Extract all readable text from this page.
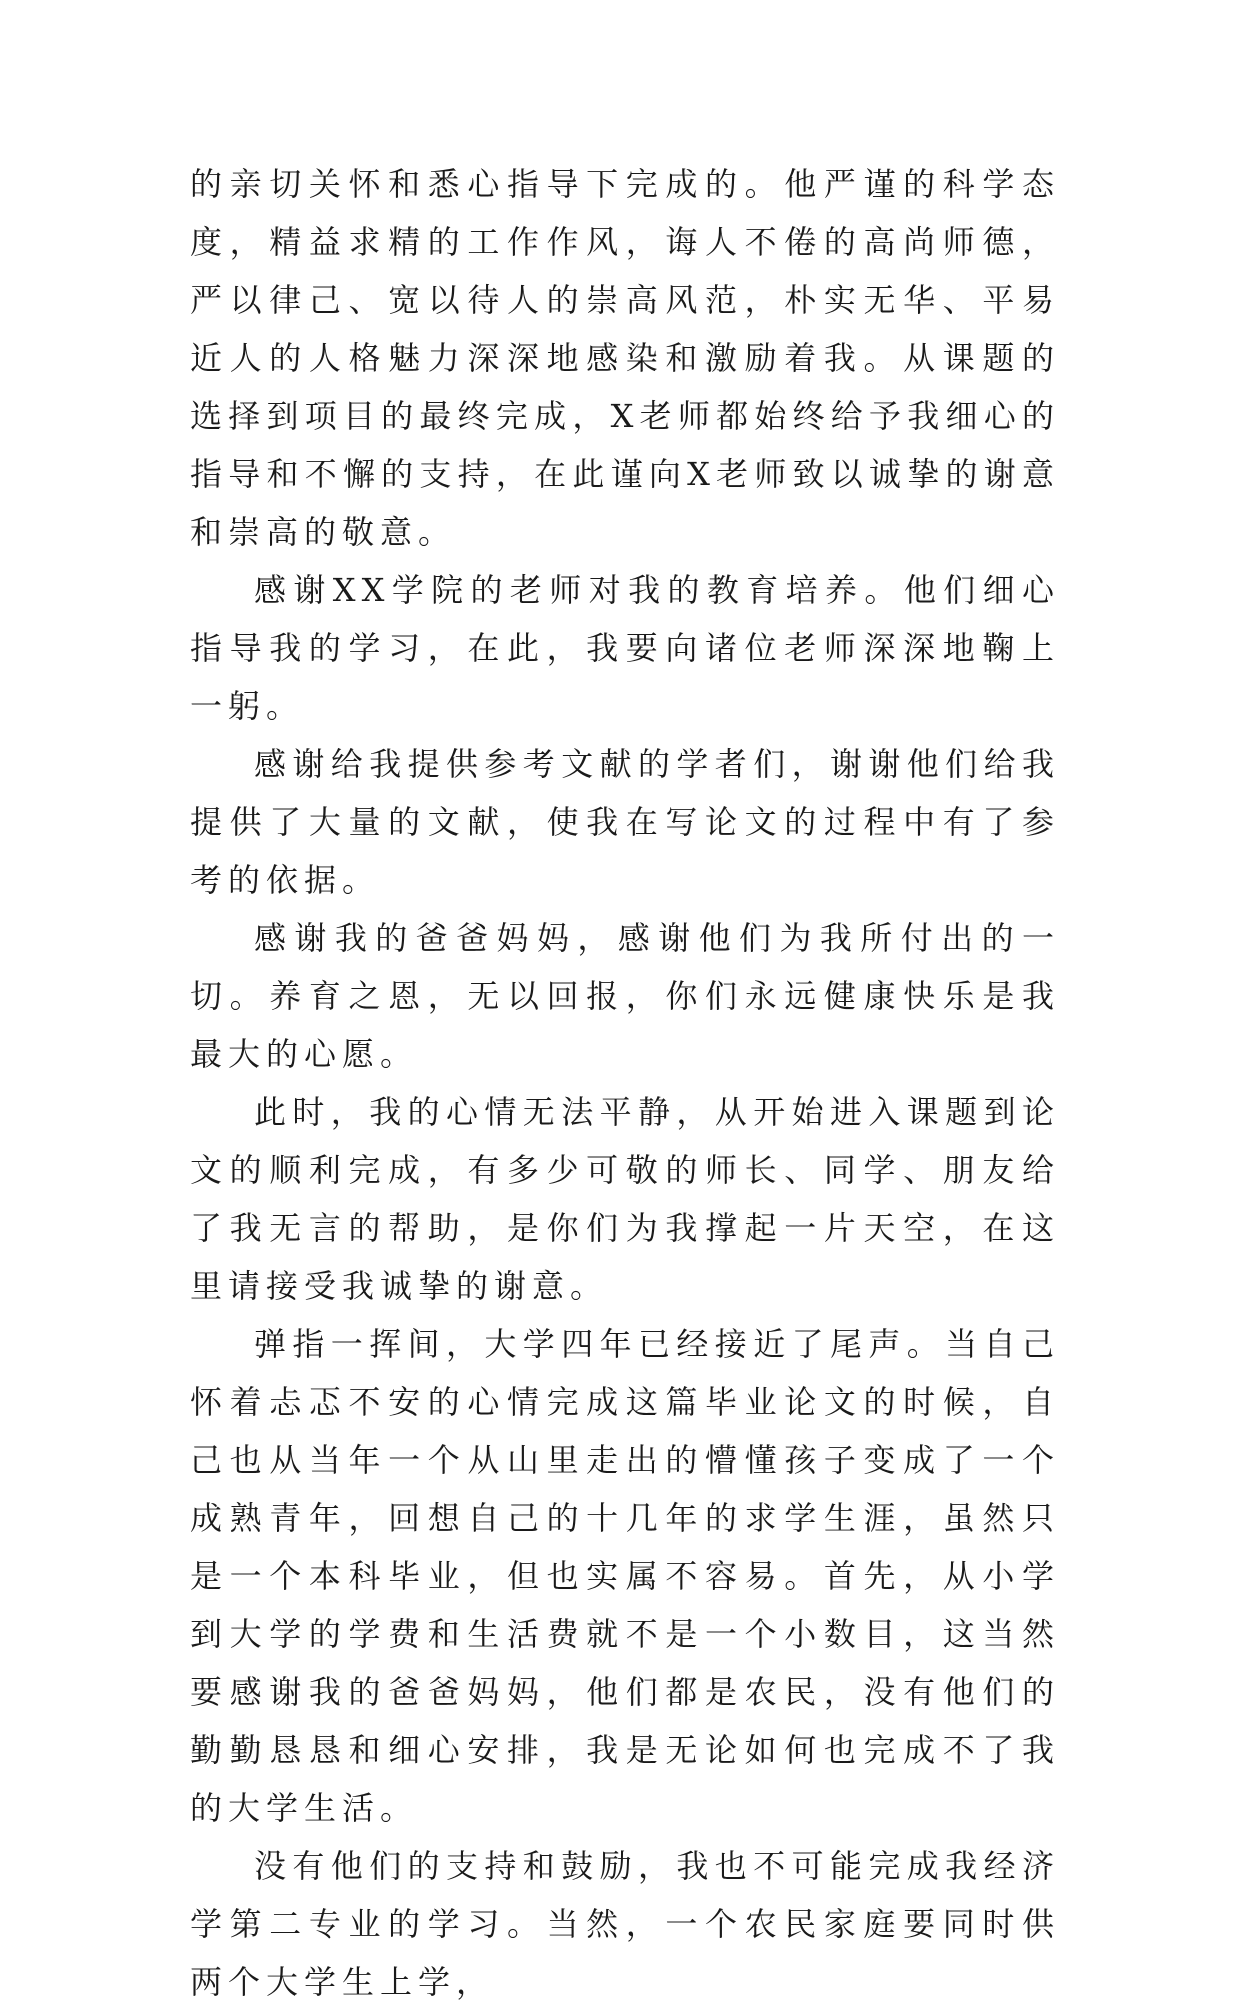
的亲切关怀和悉心指导下完成的。他严谨的科学态度，精益求精的工作作风，诲人不倦的高尚师德，严以律己、宽以待人的崇高风范，朴实无华、平易近人的人格魅力深深地感染和激励着我。从课题的选择到项目的最终完成，X老师都始终给予我细心的指导和不懈的支持，在此谨向X老师致以诚挚的谢意和崇高的敬意。

感谢XX学院的老师对我的教育培养。他们细心指导我的学习，在此，我要向诸位老师深深地鞠上一躬。

感谢给我提供参考文献的学者们，谢谢他们给我提供了大量的文献，使我在写论文的过程中有了参考的依据。

感谢我的爸爸妈妈，感谢他们为我所付出的一切。养育之恩，无以回报，你们永远健康快乐是我最大的心愿。

此时，我的心情无法平静，从开始进入课题到论文的顺利完成，有多少可敬的师长、同学、朋友给了我无言的帮助，是你们为我撑起一片天空，在这里请接受我诚挚的谢意。

弹指一挥间，大学四年已经接近了尾声。当自己怀着忐忑不安的心情完成这篇毕业论文的时候，自己也从当年一个从山里走出的懵懂孩子变成了一个成熟青年，回想自己的十几年的求学生涯，虽然只是一个本科毕业，但也实属不容易。首先，从小学到大学的学费和生活费就不是一个小数目，这当然要感谢我的爸爸妈妈，他们都是农民，没有他们的勤勤恳恳和细心安排，我是无论如何也完成不了我的大学生活。

没有他们的支持和鼓励，我也不可能完成我经济学第二专业的学习。当然，一个农民家庭要同时供两个大学生上学，
